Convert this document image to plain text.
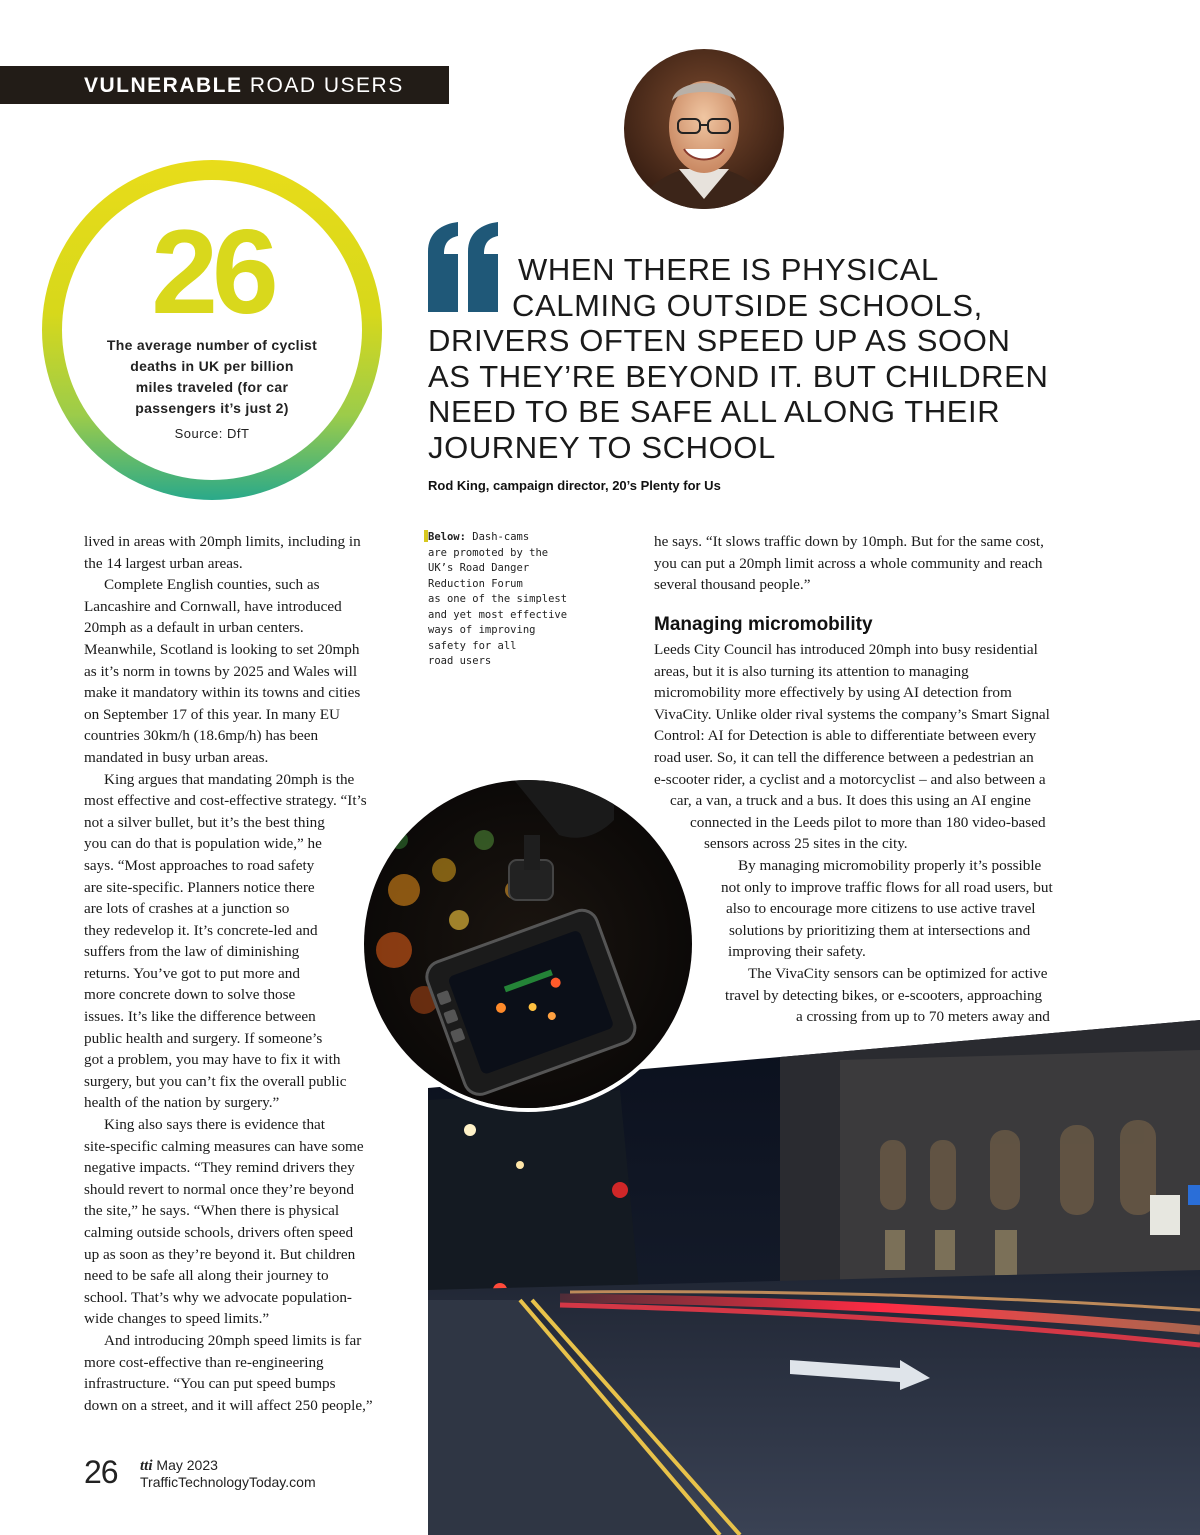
VULNERABLE ROAD USERS
26
The average number of cyclist
deaths in UK per billion
miles traveled (for car
passengers it’s just 2)
Source: DfT
WHEN THERE IS PHYSICAL
CALMING OUTSIDE SCHOOLS,
DRIVERS OFTEN SPEED UP AS SOON
AS THEY’RE BEYOND IT. BUT CHILDREN
NEED TO BE SAFE ALL ALONG THEIR
JOURNEY TO SCHOOL
Rod King, campaign director, 20’s Plenty for Us
lived in areas with 20mph limits, including in
the 14 largest urban areas.
Complete English counties, such as
Lancashire and Cornwall, have introduced
20mph as a default in urban centers.
Meanwhile, Scotland is looking to set 20mph
as it’s norm in towns by 2025 and Wales will
make it mandatory within its towns and cities
on September 17 of this year. In many EU
countries 30km/h (18.6mp/h) has been
mandated in busy urban areas.
King argues that mandating 20mph is the
most effective and cost-effective strategy. “It’s
not a silver bullet, but it’s the best thing
you can do that is population wide,” he
says. “Most approaches to road safety
are site-specific. Planners notice there
are lots of crashes at a junction so
they redevelop it. It’s concrete-led and
suffers from the law of diminishing
returns. You’ve got to put more and
more concrete down to solve those
issues. It’s like the difference between
public health and surgery. If someone’s
got a problem, you may have to fix it with
surgery, but you can’t fix the overall public
health of the nation by surgery.”
King also says there is evidence that
site-specific calming measures can have some
negative impacts. “They remind drivers they
should revert to normal once they’re beyond
the site,” he says. “When there is physical
calming outside schools, drivers often speed
up as soon as they’re beyond it. But children
need to be safe all along their journey to
school. That’s why we advocate population-
wide changes to speed limits.”
And introducing 20mph speed limits is far
more cost-effective than re-engineering
infrastructure. “You can put speed bumps
down on a street, and it will affect 250 people,”
Below: Dash-cams
are promoted by the
UK’s Road Danger
Reduction Forum
as one of the simplest
and yet most effective
ways of improving
safety for all
road users
he says. “It slows traffic down by 10mph. But for the same cost,
you can put a 20mph limit across a whole community and reach
several thousand people.”
Managing micromobility
Leeds City Council has introduced 20mph into busy residential
areas, but it is also turning its attention to managing
micromobility more effectively by using AI detection from
VivaCity. Unlike older rival systems the company’s Smart Signal
Control: AI for Detection is able to differentiate between every
road user. So, it can tell the difference between a pedestrian an
e-scooter rider, a cyclist and a motorcyclist – and also between a
car, a van, a truck and a bus. It does this using an AI engine
connected in the Leeds pilot to more than 180 video-based
sensors across 25 sites in the city.
By managing micromobility properly it’s possible
not only to improve traffic flows for all road users, but
also to encourage more citizens to use active travel
solutions by prioritizing them at intersections and
improving their safety.
The VivaCity sensors can be optimized for active
travel by detecting bikes, or e-scooters, approaching
a crossing from up to 70 meters away and
26 tti May 2023
TrafficTechnologyToday.com
